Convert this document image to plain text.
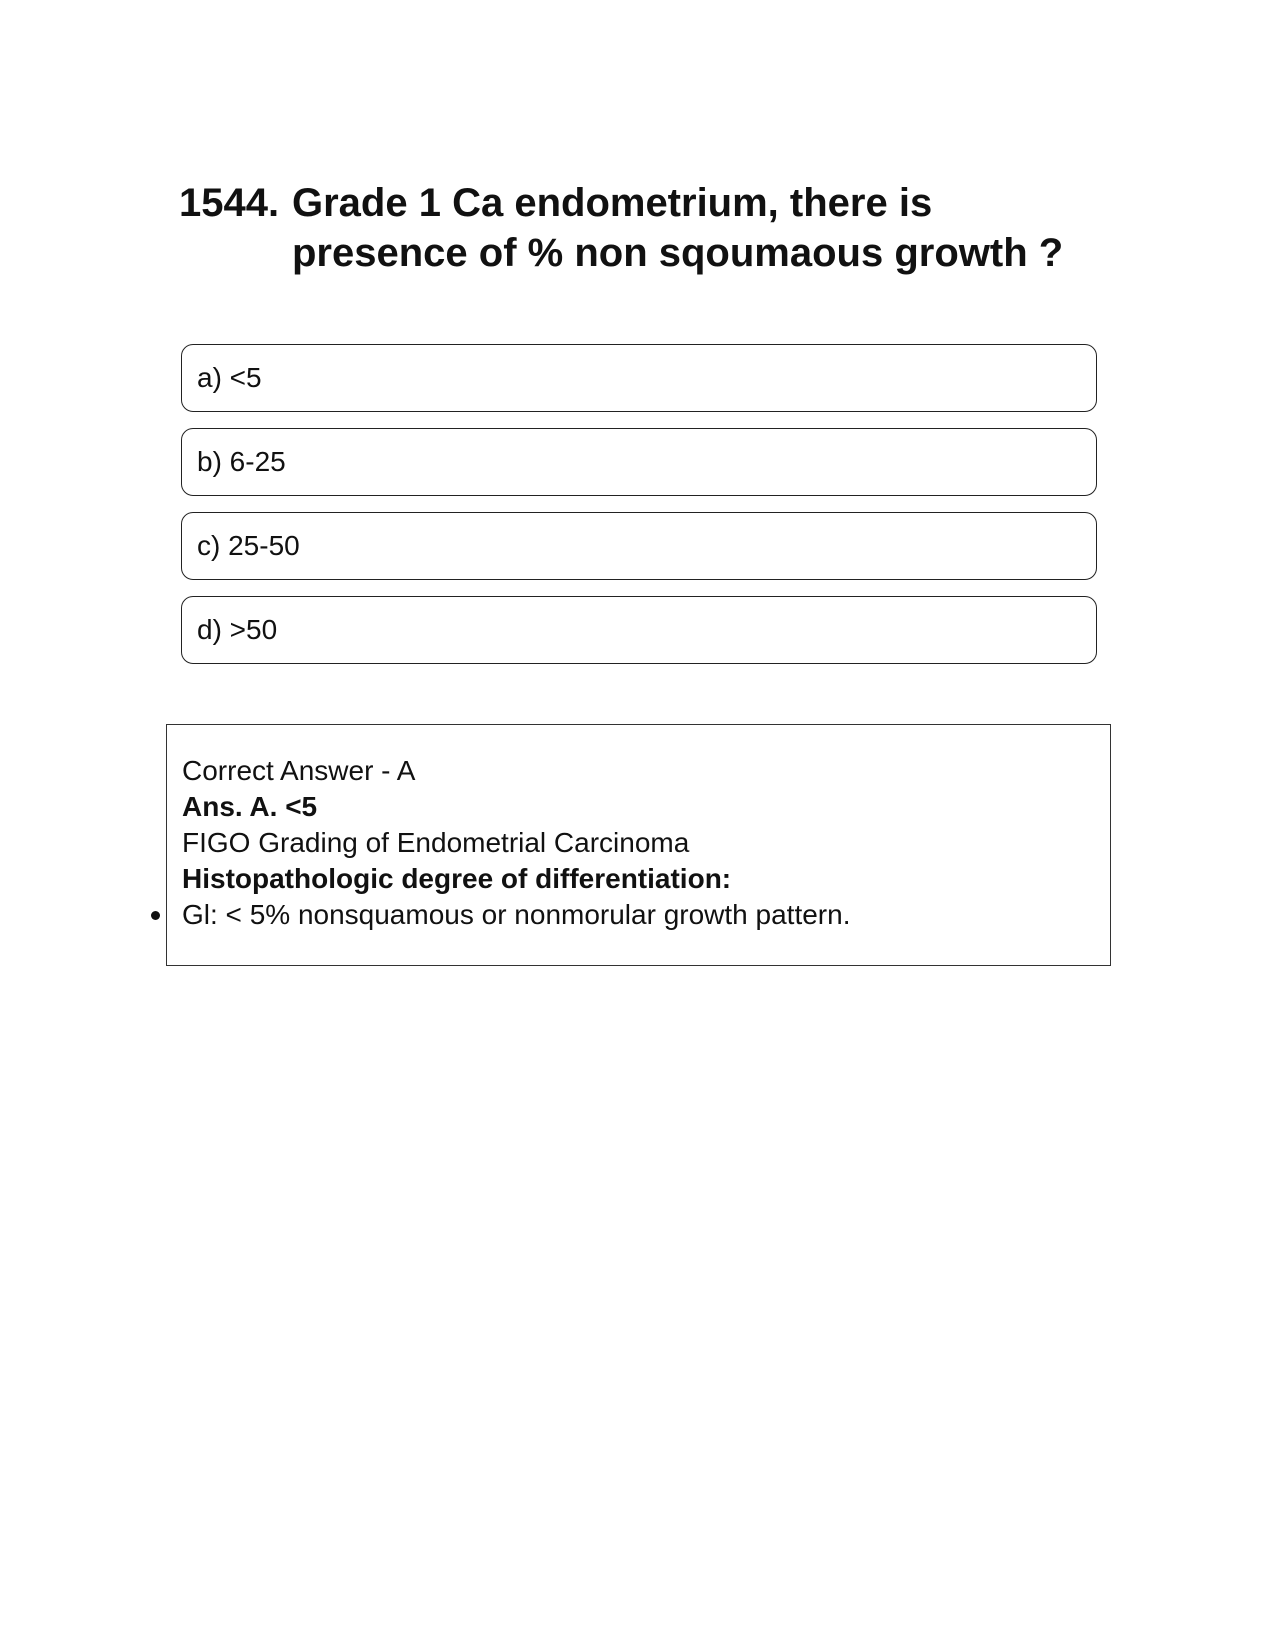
1544. Grade 1 Ca endometrium, there is presence of % non sqoumaous growth ?
a) <5
b) 6-25
c) 25-50
d) >50
Correct Answer - A
Ans. A. <5
FIGO Grading of Endometrial Carcinoma
Histopathologic degree of differentiation:
Gl: < 5% nonsquamous or nonmorular growth pattern.
